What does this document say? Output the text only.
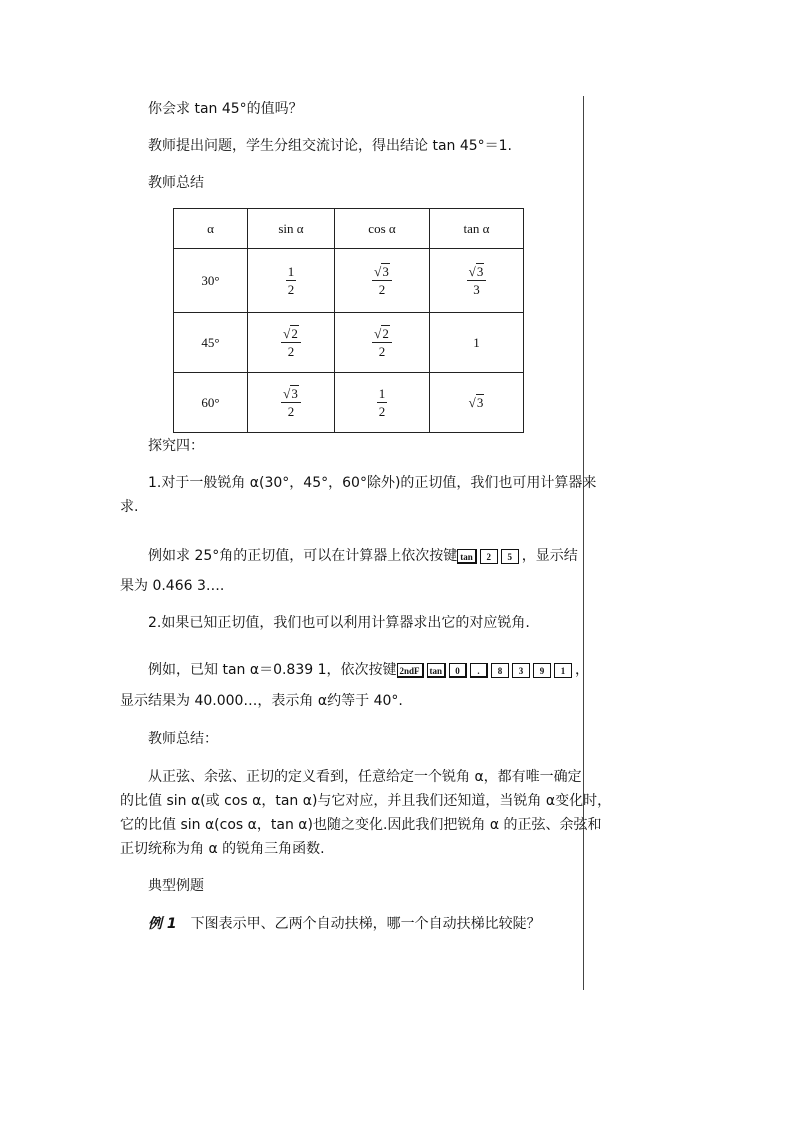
你会求 tan 45°的值吗？

教师提出问题，学生分组交流讨论，得出结论 tan 45°＝1.

教师总结

α	sin α	cos α	tan α
30°	$\frac{1}{2}$	$\frac{√3}{2}$	$\frac{√3}{3}$

45°	$\frac{√2}{2}$	$\frac{√2}{2}$	1
60°	$\frac{√3}{2}$	$\frac{1}{2}$	√3

探究四：

1.对于一般锐角 α(30°，45°，60°除外)的正切值，我们也可用计算器来

求.

例如求 25°角的正切值，可以在计算器上依次按键 tan 2 5 ，显示结

果为 0.466 3….

2.如果已知正切值，我们也可以利用计算器求出它的对应锐角.

例如，已知 tan α＝0.839 1，依次按键 2ndF tan 0 . 8 3 9 1 ，

显示结果为 40.000…，表示角 α约等于 40°.

教师总结：

从正弦、余弦、正切的定义看到，任意给定一个锐角 α，都有唯一确定

的比值 sin α(或 cos α，tan α)与它对应，并且我们还知道，当锐角 α变化时，

它的比值 sin α(cos α，tan α)也随之变化.因此我们把锐角 α 的正弦、余弦和

正切统称为角 α 的锐角三角函数.

典型例题

例 1 下图表示甲、乙两个自动扶梯，哪一个自动扶梯比较陡？
